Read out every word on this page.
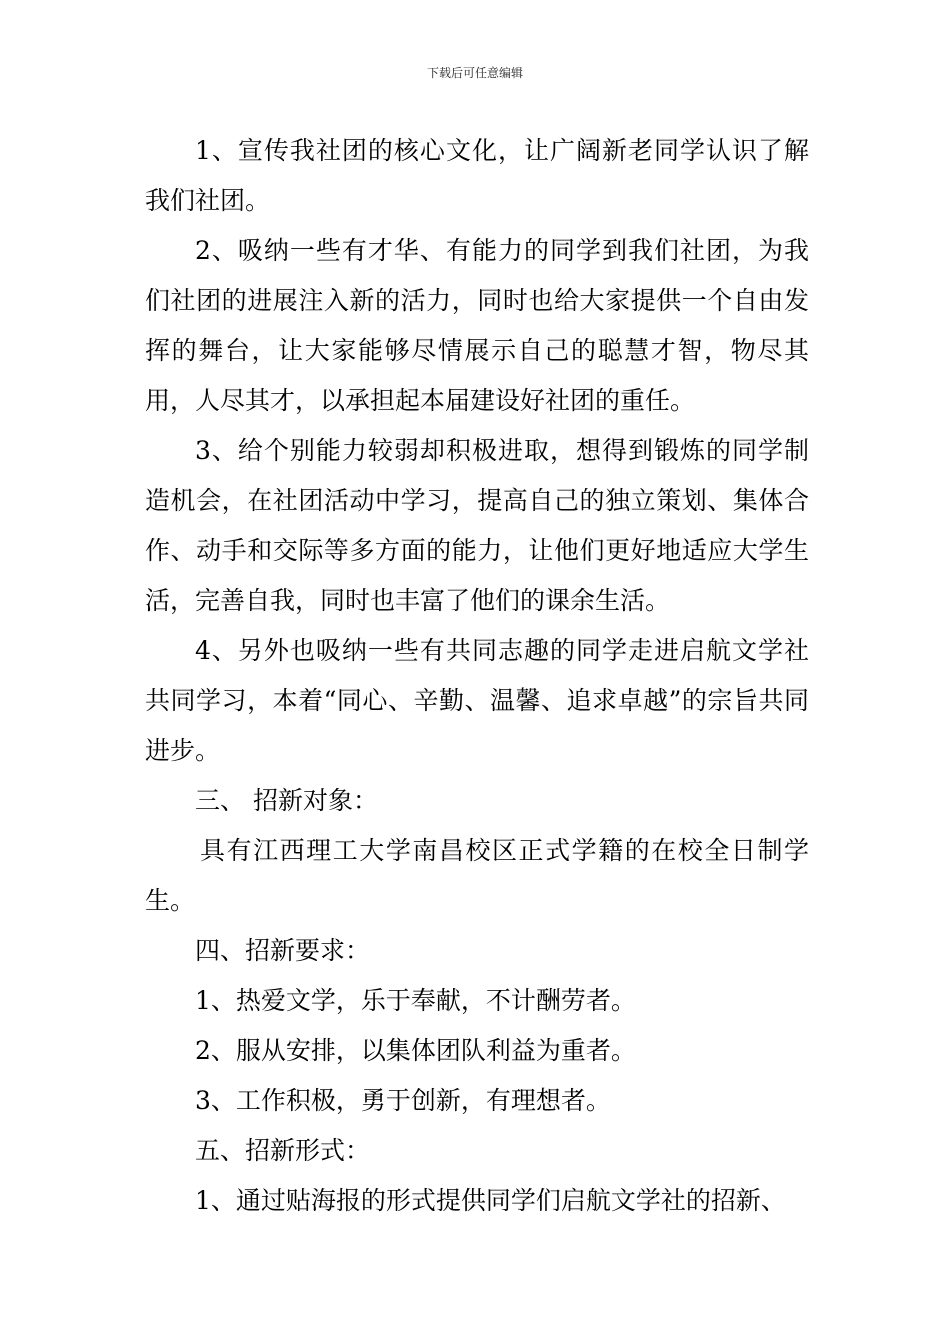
下载后可任意编辑

1、宣传我社团的核心文化，让广阔新老同学认识了解我们社团。

2、吸纳一些有才华、有能力的同学到我们社团，为我们社团的进展注入新的活力，同时也给大家提供一个自由发挥的舞台，让大家能够尽情展示自己的聪慧才智，物尽其用，人尽其才，以承担起本届建设好社团的重任。

3、给个别能力较弱却积极进取，想得到锻炼的同学制造机会，在社团活动中学习，提高自己的独立策划、集体合作、动手和交际等多方面的能力，让他们更好地适应大学生活，完善自我，同时也丰富了他们的课余生活。

4、另外也吸纳一些有共同志趣的同学走进启航文学社共同学习，本着“同心、辛勤、温馨、追求卓越”的宗旨共同进步。

三、 招新对象：

具有江西理工大学南昌校区正式学籍的在校全日制学生。

四、招新要求：

1、热爱文学，乐于奉献，不计酬劳者。

2、服从安排，以集体团队利益为重者。

3、工作积极，勇于创新，有理想者。

五、招新形式：

1、通过贴海报的形式提供同学们启航文学社的招新、
